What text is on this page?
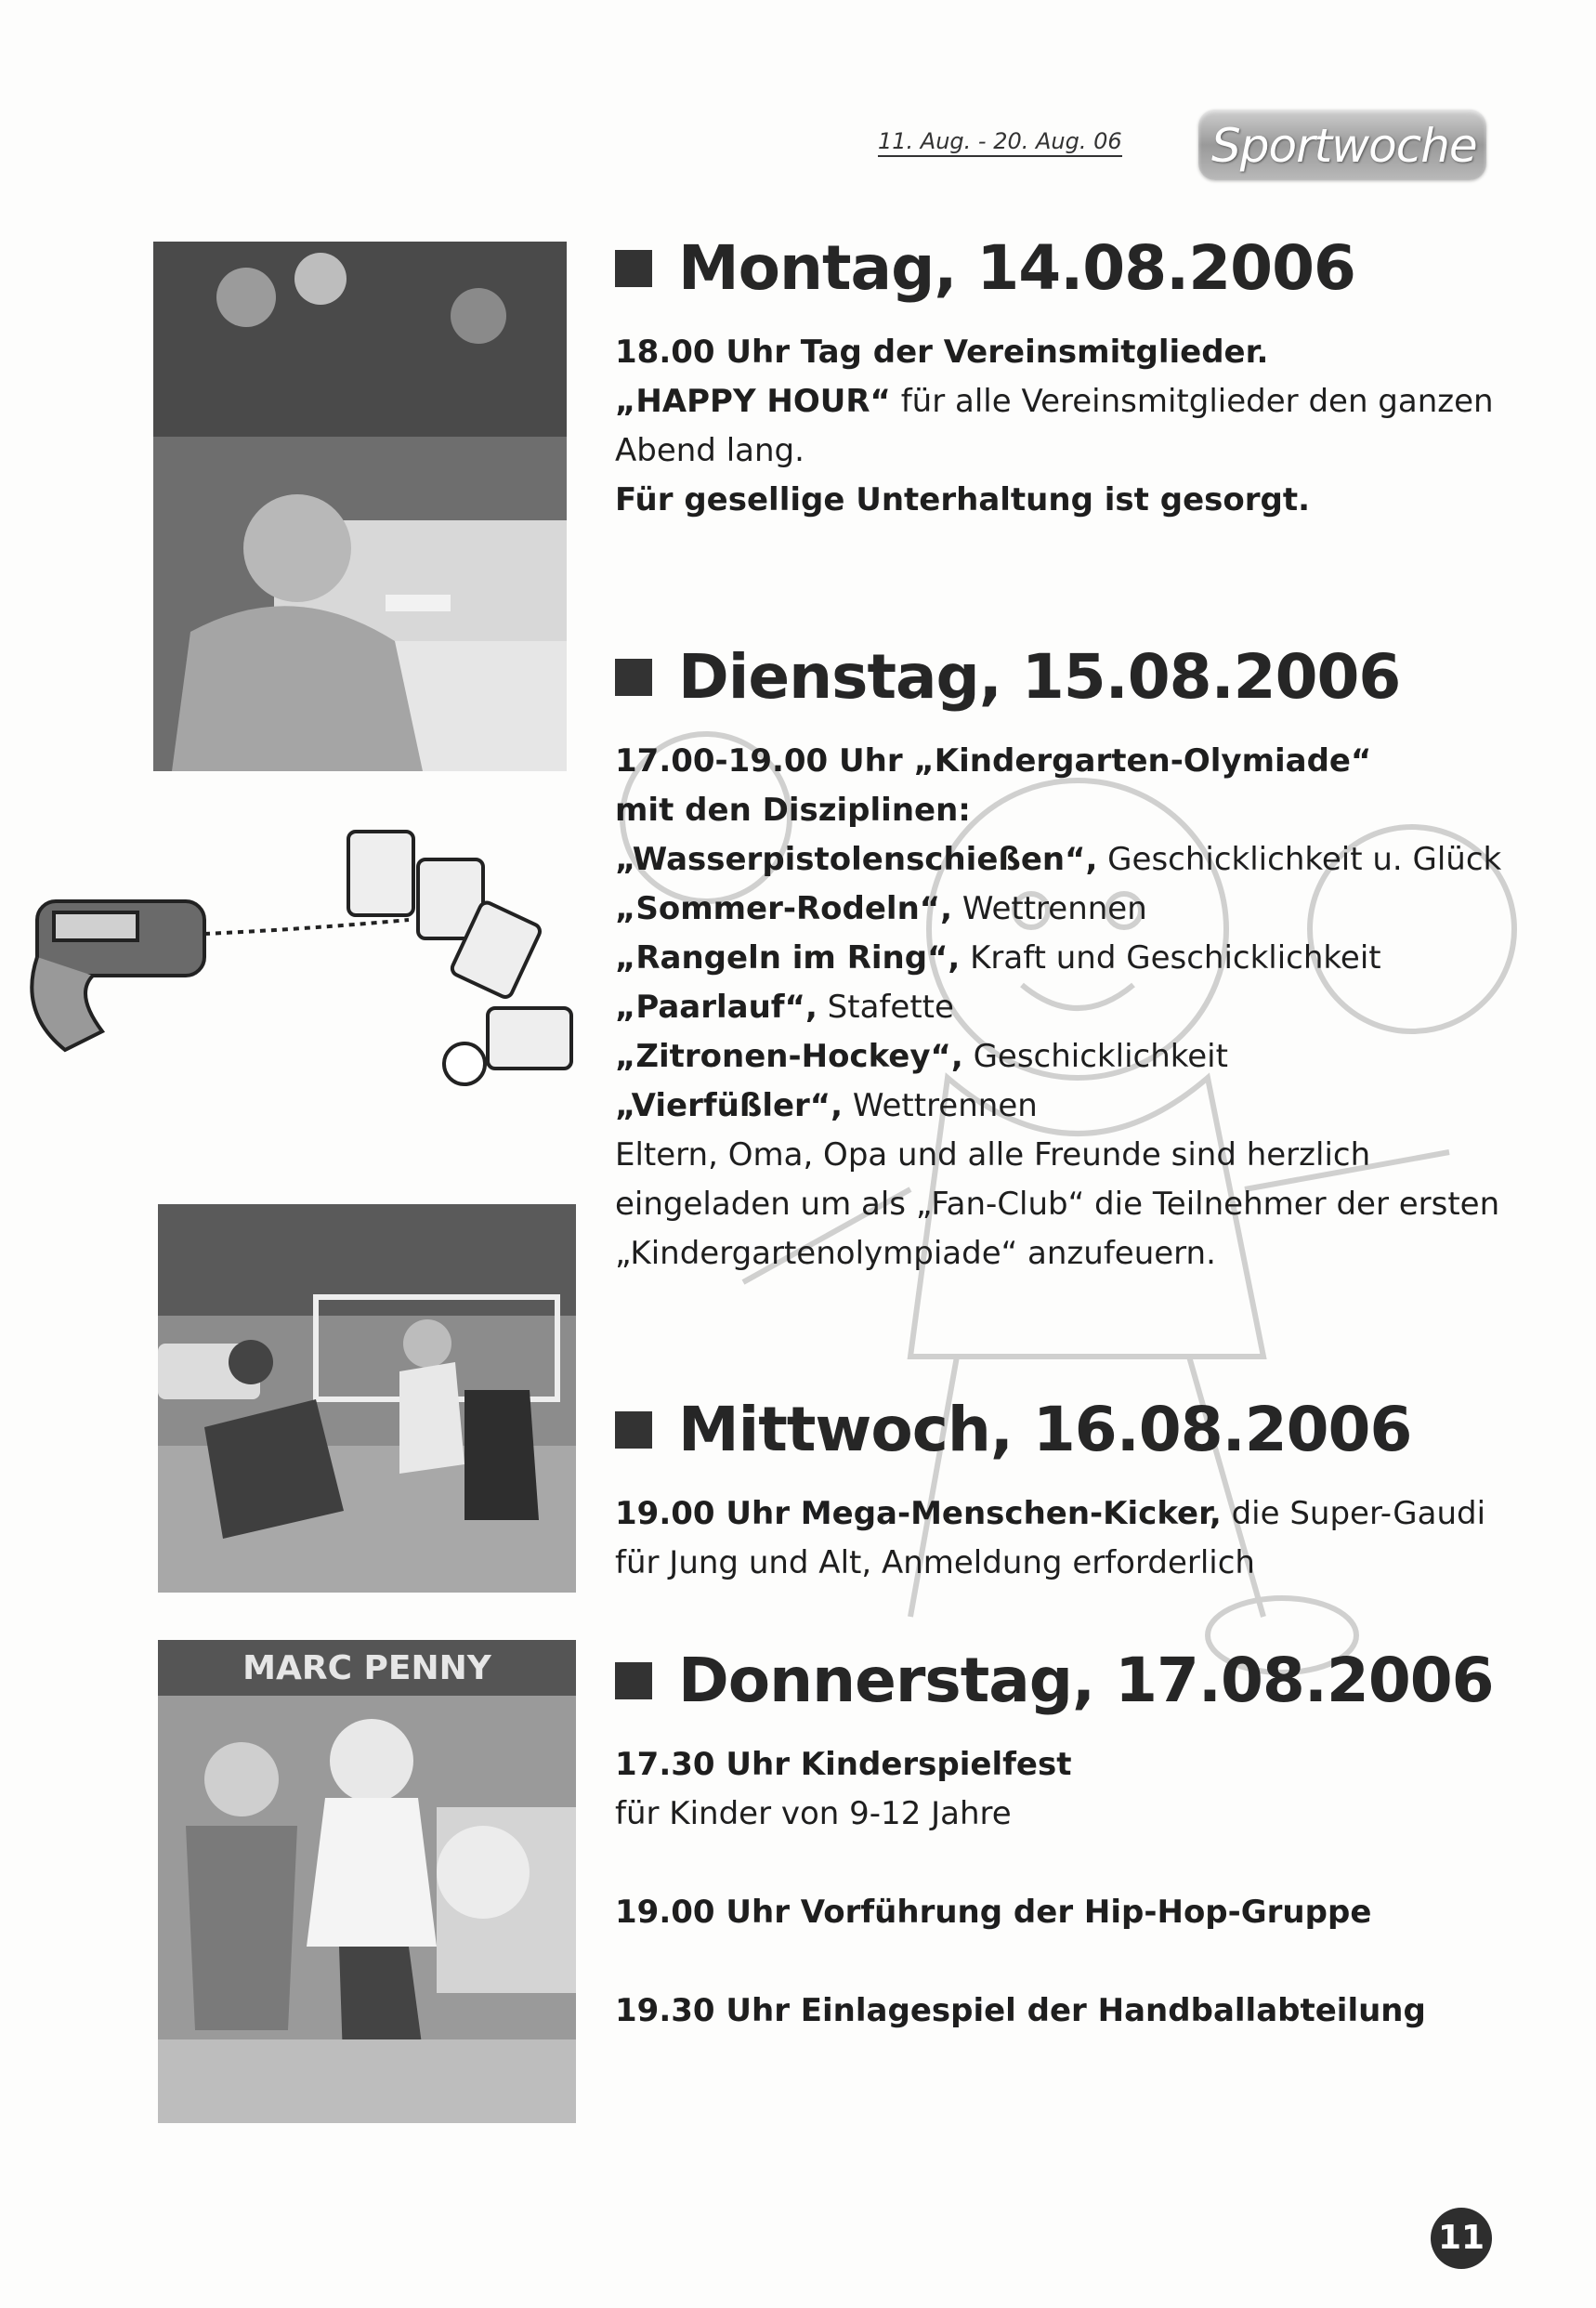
11. Aug. - 20. Aug. 06 Sportwoche
MARC PENNY
Montag, 14.08.2006

18.00 Uhr Tag der Vereinsmitglieder.

„HAPPY HOUR“ für alle Vereinsmitglieder den ganzen

Abend lang.

Für gesellige Unterhaltung ist gesorgt.

Dienstag, 15.08.2006

17.00-19.00 Uhr „Kindergarten-Olymiade“

mit den Disziplinen:

„Wasserpistolenschießen“, Geschicklichkeit u. Glück

„Sommer-Rodeln“, Wettrennen

„Rangeln im Ring“, Kraft und Geschicklichkeit

„Paarlauf“, Stafette

„Zitronen-Hockey“, Geschicklichkeit

„Vierfüßler“, Wettrennen

Eltern, Oma, Opa und alle Freunde sind herzlich

eingeladen um als „Fan-Club“ die Teilnehmer der ersten

„Kindergartenolympiade“ anzufeuern.

Mittwoch, 16.08.2006

19.00 Uhr Mega-Menschen-Kicker, die Super-Gaudi

für Jung und Alt, Anmeldung erforderlich

Donnerstag, 17.08.2006

17.30 Uhr Kinderspielfest

für Kinder von 9-12 Jahre

19.00 Uhr Vorführung der Hip-Hop-Gruppe

19.30 Uhr Einlagespiel der Handballabteilung

11
